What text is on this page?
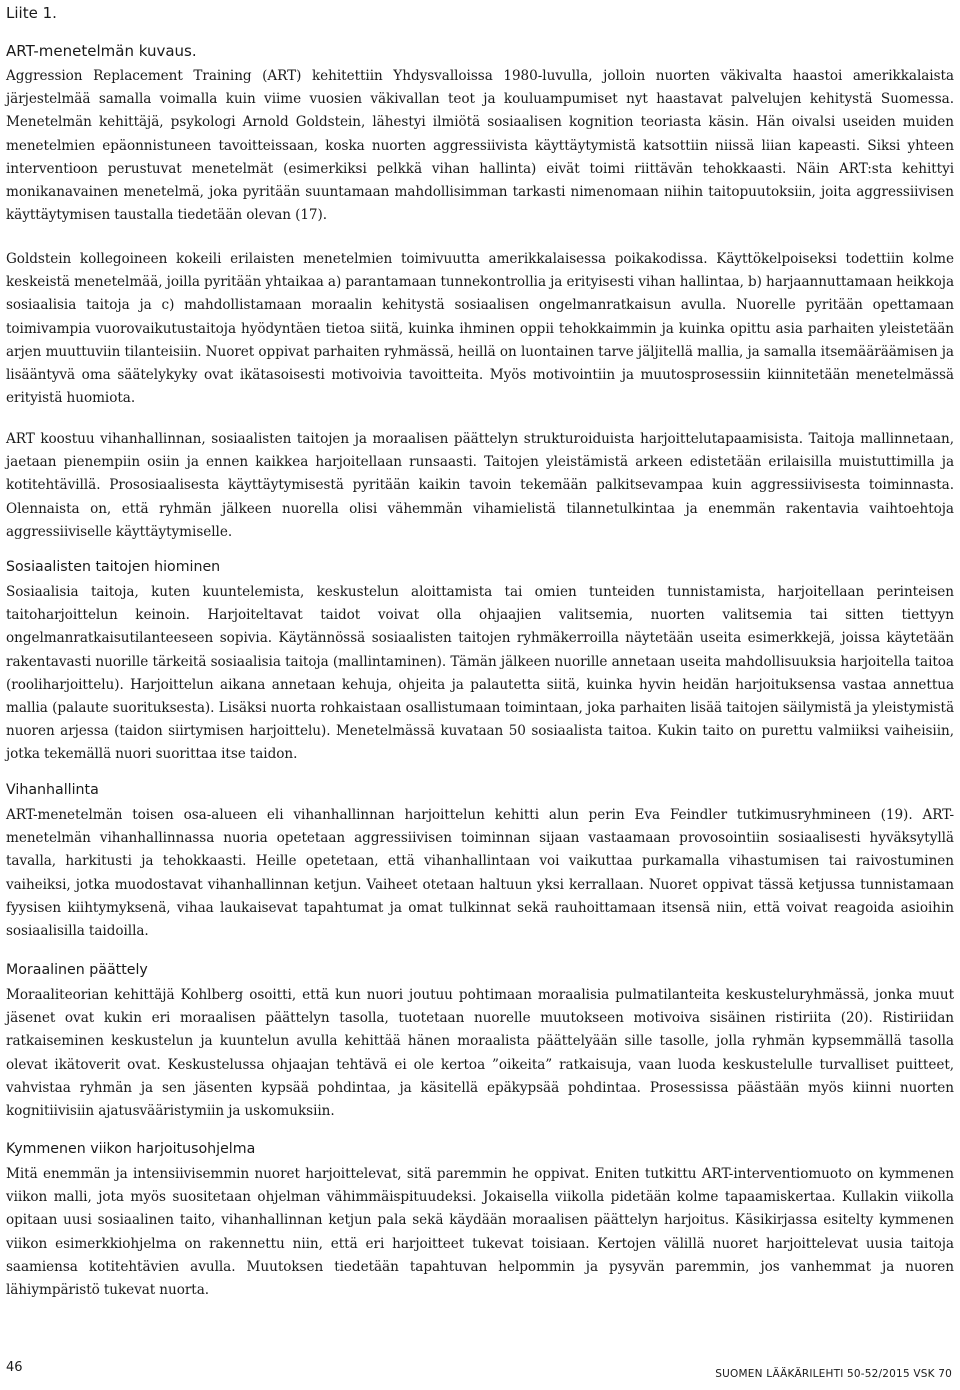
Liite 1.

ART-menetelmän kuvaus.

Aggression Replacement Training (ART) kehitettiin Yhdysvalloissa 1980-luvulla, jolloin nuorten väkivalta haastoi amerikkalaista järjestelmää samalla voimalla kuin viime vuosien väkivallan teot ja kouluampumiset nyt haastavat palvelujen kehitystä Suomessa. Menetelmän kehittäjä, psykologi Arnold Goldstein, lähestyi ilmiötä sosiaalisen kognition teoriasta käsin. Hän oivalsi useiden muiden menetelmien epäonnistuneen tavoitteissaan, koska nuorten aggressiivista käyttäytymistä katsottiin niissä liian kapeasti. Siksi yhteen interventioon perustuvat menetelmät (esimerkiksi pelkkä vihan hallinta) eivät toimi riittävän tehokkaasti. Näin ART:sta kehittyi monikanavainen menetelmä, joka pyritään suuntamaan mahdollisimman tarkasti nimenomaan niihin taitopuutoksiin, joita aggressiivisen käyttäytymisen taustalla tiedetään olevan (17).

Goldstein kollegoineen kokeili erilaisten menetelmien toimivuutta amerikkalaisessa poikakodissa. Käyttökelpoiseksi todettiin kolme keskeistä menetelmää, joilla pyritään yhtaikaa a) parantamaan tunnekontrollia ja erityisesti vihan hallintaa, b) harjaannuttamaan heikkoja sosiaalisia taitoja ja c) mahdollistamaan moraalin kehitystä sosiaalisen ongelmanratkaisun avulla. Nuorelle pyritään opettamaan toimivampia vuorovaikutustaitoja hyödyntäen tietoa siitä, kuinka ihminen oppii tehokkaimmin ja kuinka opittu asia parhaiten yleistetään arjen muuttuviin tilanteisiin. Nuoret oppivat parhaiten ryhmässä, heillä on luontainen tarve jäljitellä mallia, ja samalla itsemääräämisen ja lisääntyvä oma säätelykyky ovat ikätasoisesti motivoivia tavoitteita. Myös motivointiin ja muutosprosessiin kiinnitetään menetelmässä erityistä huomiota.

ART koostuu vihanhallinnan, sosiaalisten taitojen ja moraalisen päättelyn strukturoiduista harjoittelutapaamisista. Taitoja mallinnetaan, jaetaan pienempiin osiin ja ennen kaikkea harjoitellaan runsaasti. Taitojen yleistämistä arkeen edistetään erilaisilla muistuttimilla ja kotitehtävillä. Prososiaalisesta käyttäytymisestä pyritään kaikin tavoin tekemään palkitsevampaa kuin aggressiivisesta toiminnasta. Olennaista on, että ryhmän jälkeen nuorella olisi vähemmän vihamielistä tilannetulkintaa ja enemmän rakentavia vaihtoehtoja aggressiiviselle käyttäytymiselle.

Sosiaalisten taitojen hiominen

Sosiaalisia taitoja, kuten kuuntelemista, keskustelun aloittamista tai omien tunteiden tunnistamista, harjoitellaan perinteisen taitoharjoittelun keinoin. Harjoiteltavat taidot voivat olla ohjaajien valitsemia, nuorten valitsemia tai sitten tiettyyn ongelmanratkaisutilanteeseen sopivia. Käytännössä sosiaalisten taitojen ryhmäkerroilla näytetään useita esimerkkejä, joissa käytetään rakentavasti nuorille tärkeitä sosiaalisia taitoja (mallintaminen). Tämän jälkeen nuorille annetaan useita mahdollisuuksia harjoitella taitoa (rooliharjoittelu). Harjoittelun aikana annetaan kehuja, ohjeita ja palautetta siitä, kuinka hyvin heidän harjoituksensa vastaa annettua mallia (palaute suorituksesta). Lisäksi nuorta rohkaistaan osallistumaan toimintaan, joka parhaiten lisää taitojen säilymistä ja yleistymistä nuoren arjessa (taidon siirtymisen harjoittelu). Menetelmässä kuvataan 50 sosiaalista taitoa. Kukin taito on purettu valmiiksi vaiheisiin, jotka tekemällä nuori suorittaa itse taidon.

Vihanhallinta

ART-menetelmän toisen osa-alueen eli vihanhallinnan harjoittelun kehitti alun perin Eva Feindler tutkimusryhmineen (19). ART-menetelmän vihanhallinnassa nuoria opetetaan aggressiivisen toiminnan sijaan vastaamaan provosointiin sosiaalisesti hyväksytyllä tavalla, harkitusti ja tehokkaasti. Heille opetetaan, että vihanhallintaan voi vaikuttaa purkamalla vihastumisen tai raivostuminen vaiheiksi, jotka muodostavat vihanhallinnan ketjun. Vaiheet otetaan haltuun yksi kerrallaan. Nuoret oppivat tässä ketjussa tunnistamaan fyysisen kiihtymyksenä, vihaa laukaisevat tapahtumat ja omat tulkinnat sekä rauhoittamaan itsensä niin, että voivat reagoida asioihin sosiaalisilla taidoilla.

Moraalinen päättely

Moraaliteorian kehittäjä Kohlberg osoitti, että kun nuori joutuu pohtimaan moraalisia pulmatilanteita keskusteluryhmässä, jonka muut jäsenet ovat kukin eri moraalisen päättelyn tasolla, tuotetaan nuorelle muutokseen motivoiva sisäinen ristiriita (20). Ristiriidan ratkaiseminen keskustelun ja kuuntelun avulla kehittää hänen moraalista päättelyään sille tasolle, jolla ryhmän kypsemmällä tasolla olevat ikätoverit ovat. Keskustelussa ohjaajan tehtävä ei ole kertoa ”oikeita” ratkaisuja, vaan luoda keskustelulle turvalliset puitteet, vahvistaa ryhmän ja sen jäsenten kypsää pohdintaa, ja käsitellä epäkypsää pohdintaa. Prosessissa päästään myös kiinni nuorten kognitiivisiin ajatusvääristymiin ja uskomuksiin.

Kymmenen viikon harjoitusohjelma

Mitä enemmän ja intensiivisemmin nuoret harjoittelevat, sitä paremmin he oppivat. Eniten tutkittu ART-interventiomuoto on kymmenen viikon malli, jota myös suositetaan ohjelman vähimmäispituudeksi. Jokaisella viikolla pidetään kolme tapaamiskertaa. Kullakin viikolla opitaan uusi sosiaalinen taito, vihanhallinnan ketjun pala sekä käydään moraalisen päättelyn harjoitus. Käsikirjassa esitelty kymmenen viikon esimerkkiohjelma on rakennettu niin, että eri harjoitteet tukevat toisiaan. Kertojen välillä nuoret harjoittelevat uusia taitoja saamiensa kotitehtävien avulla. Muutoksen tiedetään tapahtuvan helpommin ja pysyvän paremmin, jos vanhemmat ja nuoren lähiympäristö tukevat nuorta.

46	SUOMEN LÄÄKÄRILEHTI 50-52/2015 VSK 70
